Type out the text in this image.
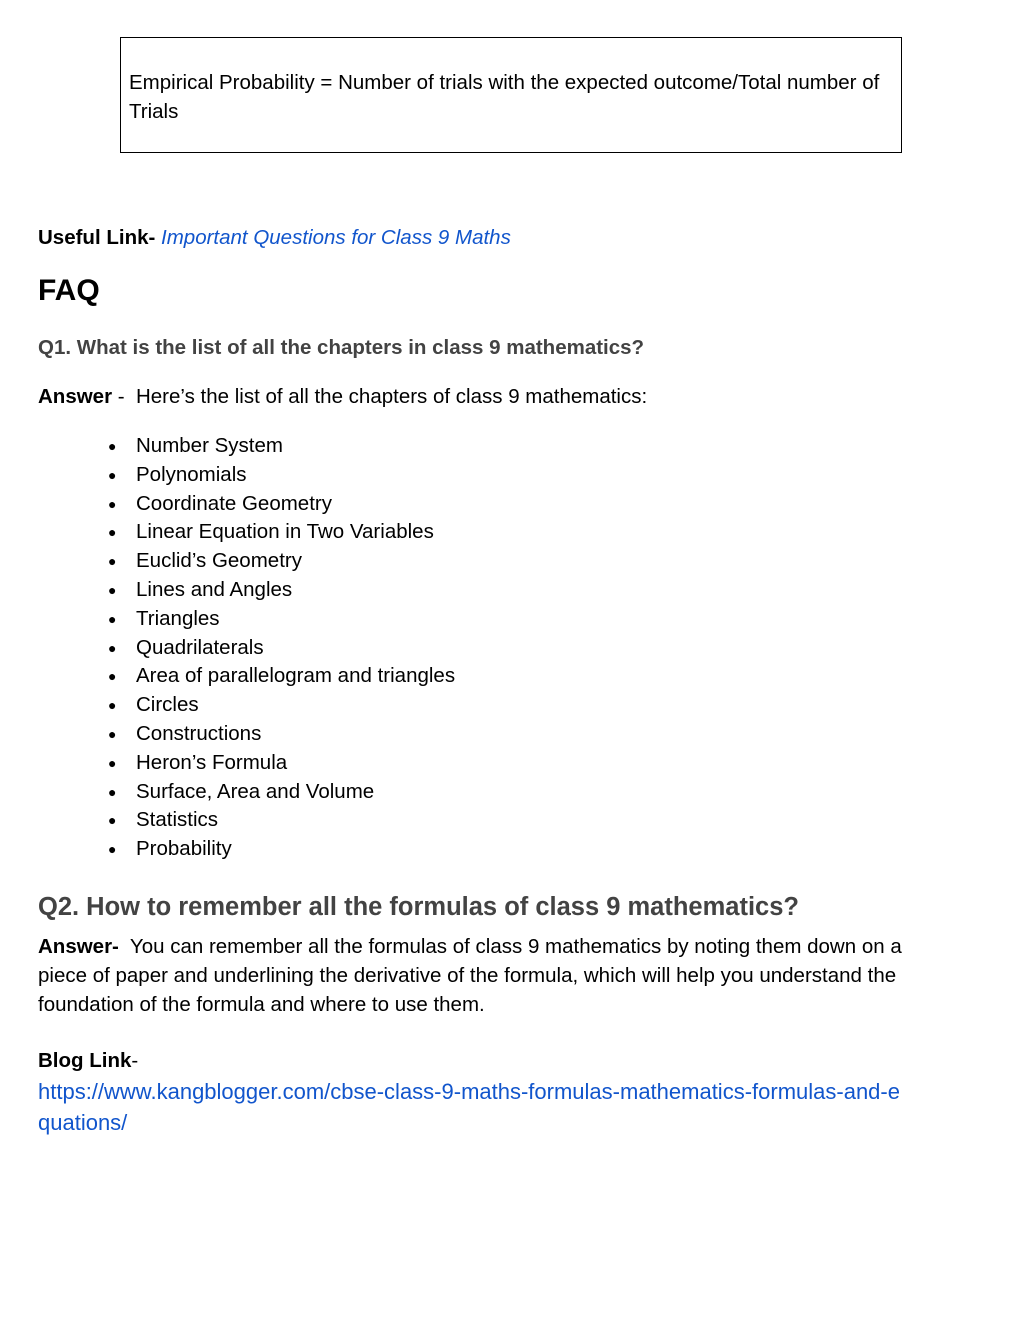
Empirical Probability = Number of trials with the expected outcome/Total number of Trials
Useful Link- Important Questions for Class 9 Maths
FAQ
Q1. What is the list of all the chapters in class 9 mathematics?
Answer -  Here’s the list of all the chapters of class 9 mathematics:
● Number System
● Polynomials
● Coordinate Geometry
● Linear Equation in Two Variables
● Euclid’s Geometry
● Lines and Angles
● Triangles
● Quadrilaterals
● Area of parallelogram and triangles
● Circles
● Constructions
● Heron’s Formula
● Surface, Area and Volume
● Statistics
● Probability
Q2. How to remember all the formulas of class 9 mathematics?
Answer-  You can remember all the formulas of class 9 mathematics by noting them down on a piece of paper and underlining the derivative of the formula, which will help you understand the foundation of the formula and where to use them.
Blog Link-
https://www.kangblogger.com/cbse-class-9-maths-formulas-mathematics-formulas-and-equations/
